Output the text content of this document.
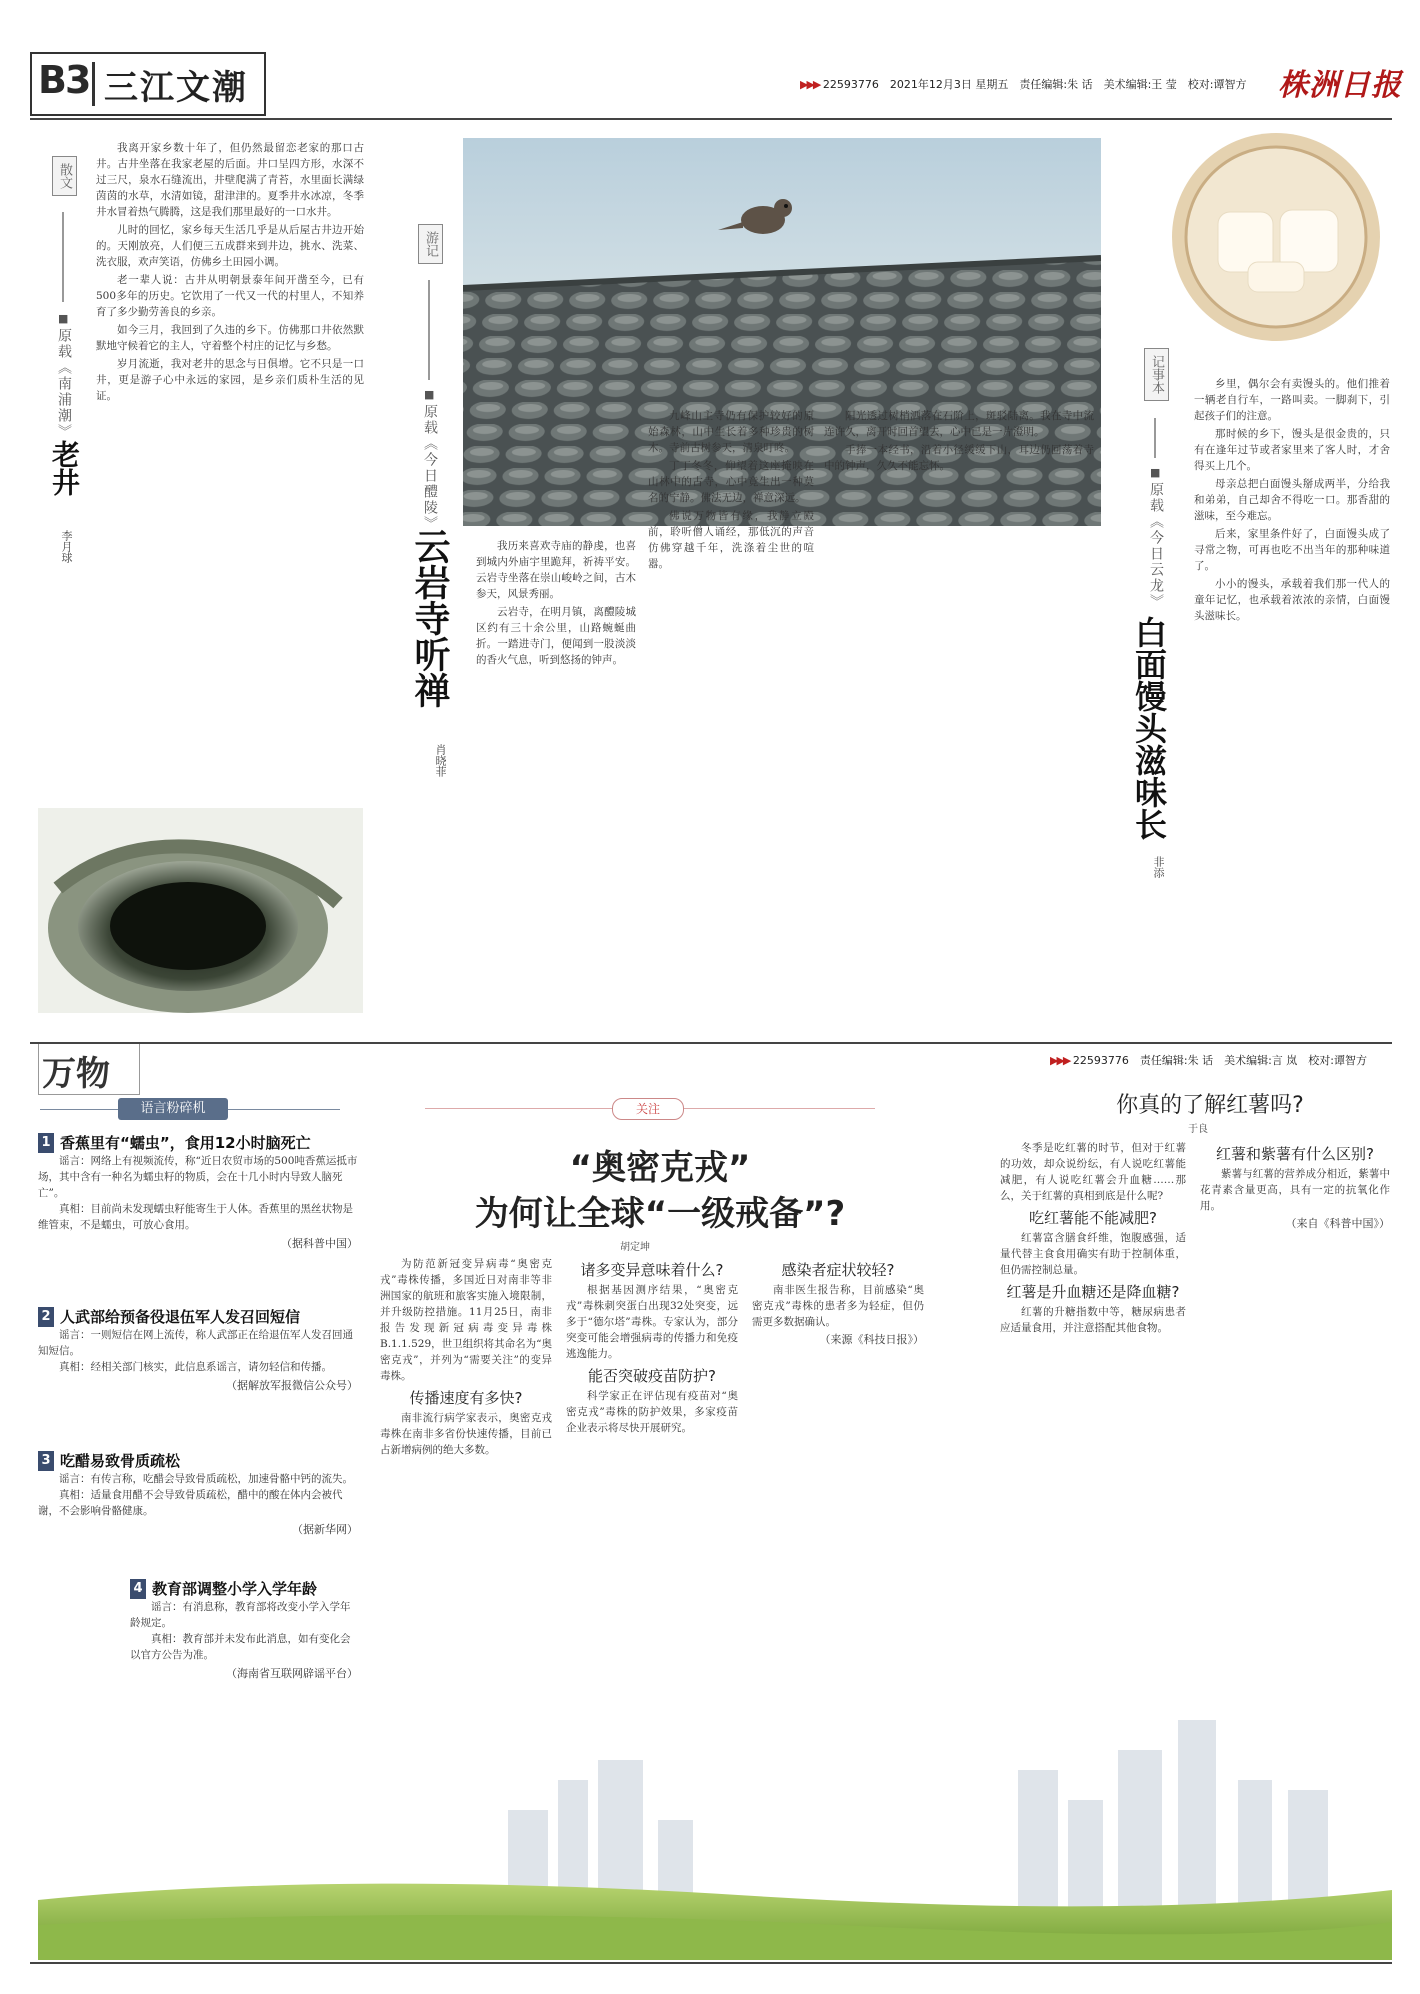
B3 三江文潮	▶▶▶ 22593776　2021年12月3日 星期五　责任编辑:朱 话　美术编辑:王 莹　校对:谭智方 株洲日报
散文
■
原载《南浦潮》
老井
李月球

我离开家乡数十年了，但仍然最留恋老家的那口古井。古井坐落在我家老屋的后面。井口呈四方形，水深不过三尺，泉水石缝流出，井壁爬满了青苔，水里面长满绿茵茵的水草，水清如镜，甜津津的。夏季井水冰凉，冬季井水冒着热气腾腾，这是我们那里最好的一口水井。

儿时的回忆，家乡每天生活几乎是从后屋古井边开始的。天刚放亮，人们便三五成群来到井边，挑水、洗菜、洗衣服，欢声笑语，仿佛乡土田园小调。

老一辈人说：古井从明朝景泰年间开凿至今，已有500多年的历史。它饮用了一代又一代的村里人，不知养育了多少勤劳善良的乡亲。

如今三月，我回到了久违的乡下。仿佛那口井依然默默地守候着它的主人，守着整个村庄的记忆与乡愁。

岁月流逝，我对老井的思念与日俱增。它不只是一口井，更是游子心中永远的家园，是乡亲们质朴生活的见证。

游记
■
原载《今日醴陵》
云岩寺听禅
肖晓菲

我历来喜欢寺庙的静虔，也喜到城内外庙宇里跪拜，祈祷平安。云岩寺坐落在崇山峻岭之间，古木参天，风景秀丽。

云岩寺，在明月镇，离醴陵城区约有三十余公里，山路蜿蜒曲折。一踏进寺门，便闻到一股淡淡的香火气息，听到悠扬的钟声。

九峰山主寺仍有保护较好的原始森林，山中生长着多种珍贵的树木。寺前古树参天，清泉叮咚。

丁丁冬冬，仰望着这座掩映在山林中的古寺，心中竟生出一种莫名的宁静。佛法无边，禅意深远。

佛说万物皆有缘，我静立殿前，聆听僧人诵经，那低沉的声音仿佛穿越千年，洗涤着尘世的喧嚣。

阳光透过树梢洒落在石阶上，斑驳陆离。我在寺中流连许久，离开时回首望去，心中已是一片澄明。

手捧一本经书，沿着小径缓缓下山，耳边仍回荡着寺中的钟声，久久不能忘怀。

记事本
■
原载《今日云龙》
白面馒头滋味长
非添

乡里，偶尔会有卖馒头的。他们推着一辆老自行车，一路叫卖。一脚刹下，引起孩子们的注意。

那时候的乡下，馒头是很金贵的，只有在逢年过节或者家里来了客人时，才舍得买上几个。

母亲总把白面馒头掰成两半，分给我和弟弟，自己却舍不得吃一口。那香甜的滋味，至今难忘。

后来，家里条件好了，白面馒头成了寻常之物，可再也吃不出当年的那种味道了。

小小的馒头，承载着我们那一代人的童年记忆，也承载着浓浓的亲情，白面馒头滋味长。

万物	▶▶▶ 22593776　责任编辑:朱 话　美术编辑:言 岚　校对:谭智方
语言粉碎机
1 香蕉里有“蠕虫”，食用12小时脑死亡

谣言：网络上有视频流传，称“近日农贸市场的500吨香蕉运抵市场，其中含有一种名为蠕虫籽的物质，会在十几小时内导致人脑死亡”。

真相：目前尚未发现蠕虫籽能寄生于人体。香蕉里的黑丝状物是维管束，不是蠕虫，可放心食用。

（据科普中国）
2 人武部给预备役退伍军人发召回短信

谣言：一则短信在网上流传，称人武部正在给退伍军人发召回通知短信。

真相：经相关部门核实，此信息系谣言，请勿轻信和传播。

（据解放军报微信公众号）
3 吃醋易致骨质疏松

谣言：有传言称，吃醋会导致骨质疏松，加速骨骼中钙的流失。

真相：适量食用醋不会导致骨质疏松，醋中的酸在体内会被代谢，不会影响骨骼健康。

（据新华网）
4 教育部调整小学入学年龄

谣言：有消息称，教育部将改变小学入学年龄规定。

真相：教育部并未发布此消息，如有变化会以官方公告为准。

（海南省互联网辟谣平台）
关注
“奥密克戎”
为何让全球“一级戒备”?
胡定坤

为防范新冠变异病毒“奥密克戎”毒株传播，多国近日对南非等非洲国家的航班和旅客实施入境限制，并升级防控措施。11月25日，南非报告发现新冠病毒变异毒株B.1.1.529，世卫组织将其命名为“奥密克戎”，并列为“需要关注”的变异毒株。

传播速度有多快?

南非流行病学家表示，奥密克戎毒株在南非多省份快速传播，目前已占新增病例的绝大多数。

诸多变异意味着什么?

根据基因测序结果，“奥密克戎”毒株刺突蛋白出现32处突变，远多于“德尔塔”毒株。专家认为，部分突变可能会增强病毒的传播力和免疫逃逸能力。

能否突破疫苗防护?

科学家正在评估现有疫苗对“奥密克戎”毒株的防护效果，多家疫苗企业表示将尽快开展研究。

感染者症状较轻?

南非医生报告称，目前感染“奥密克戎”毒株的患者多为轻症，但仍需更多数据确认。

（来源《科技日报》）
你真的了解红薯吗?
于良

冬季是吃红薯的时节，但对于红薯的功效，却众说纷纭，有人说吃红薯能减肥，有人说吃红薯会升血糖……那么，关于红薯的真相到底是什么呢?

吃红薯能不能减肥?

红薯富含膳食纤维，饱腹感强，适量代替主食食用确实有助于控制体重，但仍需控制总量。

红薯是升血糖还是降血糖?

红薯的升糖指数中等，糖尿病患者应适量食用，并注意搭配其他食物。

红薯和紫薯有什么区别?

紫薯与红薯的营养成分相近，紫薯中花青素含量更高，具有一定的抗氧化作用。

（来自《科普中国》）
